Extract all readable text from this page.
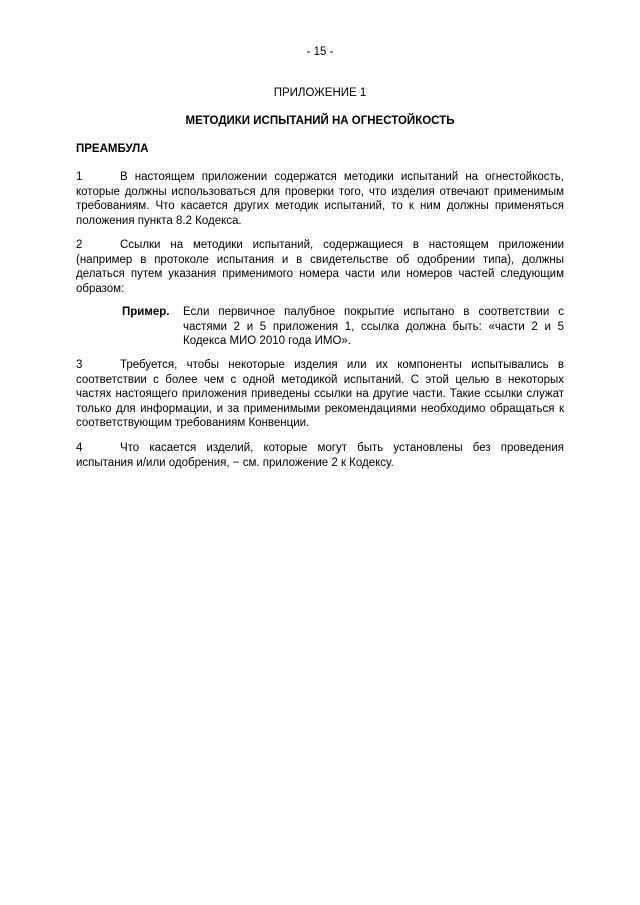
- 15 -
ПРИЛОЖЕНИЕ 1
МЕТОДИКИ ИСПЫТАНИЙ НА ОГНЕСТОЙКОСТЬ
ПРЕАМБУЛА

1	В настоящем приложении содержатся методики испытаний на огнестойкость, которые должны использоваться для проверки того, что изделия отвечают применимым требованиям. Что касается других методик испытаний, то к ним должны применяться положения пункта 8.2 Кодекса.

2	Ссылки на методики испытаний, содержащиеся в настоящем приложении (например в протоколе испытания и в свидетельстве об одобрении типа), должны делаться путем указания применимого номера части или номеров частей следующим образом:

Пример. Если первичное палубное покрытие испытано в соответствии с частями 2 и 5 приложения 1, ссылка должна быть: «части 2 и 5 Кодекса МИО 2010 года ИМО».

3	Требуется, чтобы некоторые изделия или их компоненты испытывались в соответствии с более чем с одной методикой испытаний. С этой целью в некоторых частях настоящего приложения приведены ссылки на другие части. Такие ссылки служат только для информации, и за применимыми рекомендациями необходимо обращаться к соответствующим требованиям Конвенции.

4	Что касается изделий, которые могут быть установлены без проведения испытания и/или одобрения, − см. приложение 2 к Кодексу.
